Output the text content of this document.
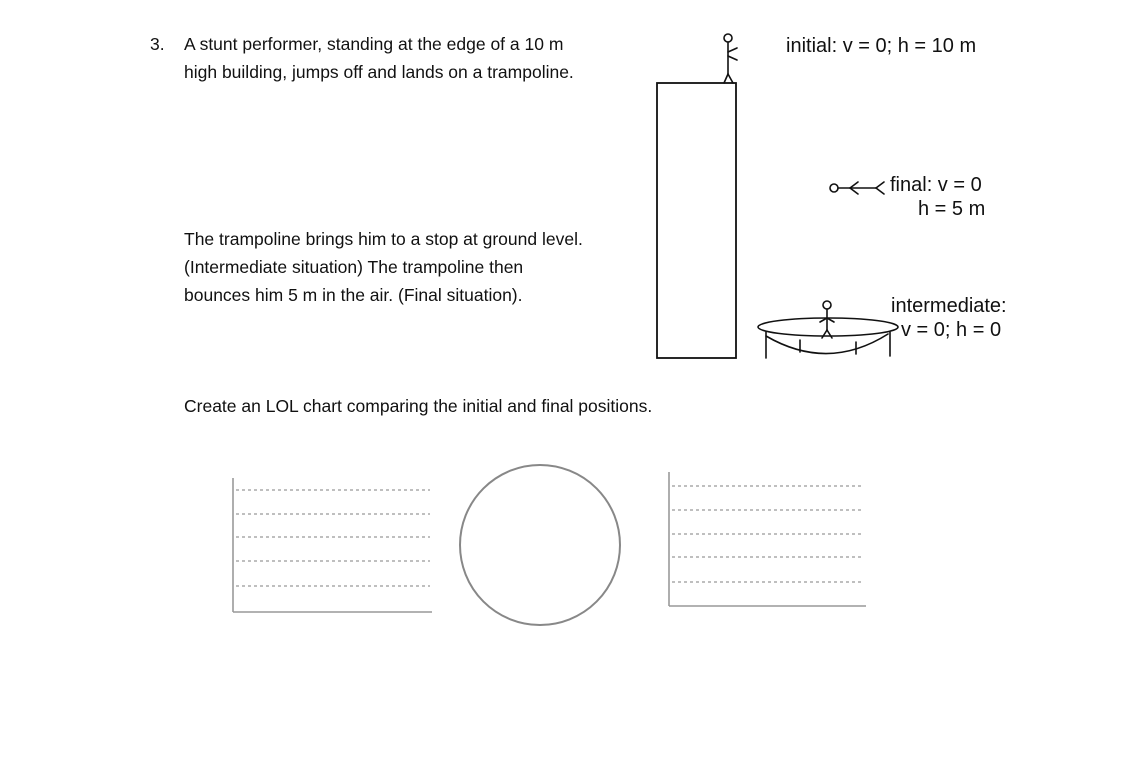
3. A stunt performer, standing at the edge of a 10 m
high building, jumps off and lands on a trampoline.
The trampoline brings him to a stop at ground level.
(Intermediate situation) The trampoline then
bounces him 5 m in the air. (Final situation).
Create an LOL chart comparing the initial and final positions.
initial: v = 0; h = 10 m
final: v = 0
h = 5 m
intermediate:
v = 0; h = 0
